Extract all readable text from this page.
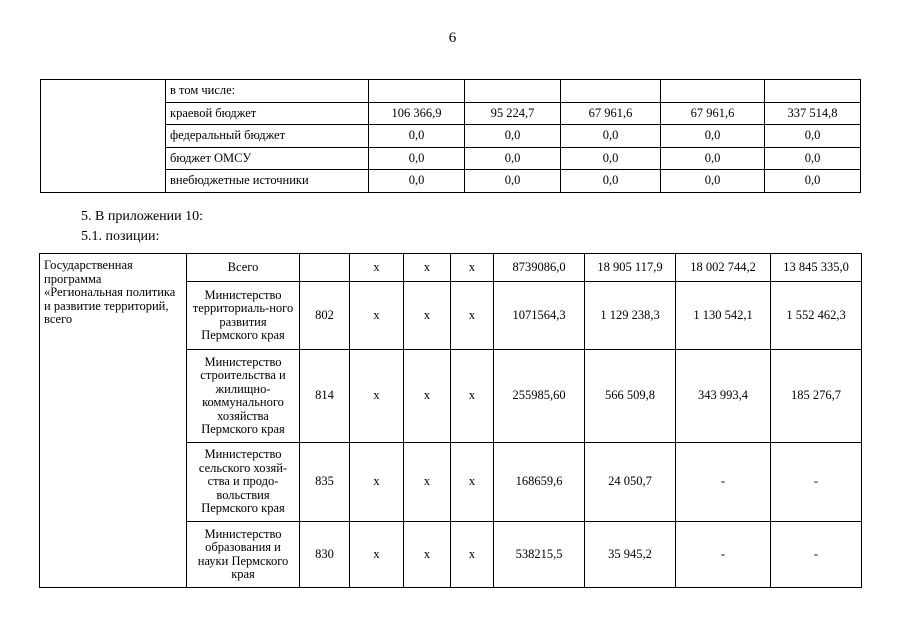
6
	в том числе:					
	краевой бюджет	106 366,9	95 224,7	67 961,6	67 961,6	337 514,8
	федеральный бюджет	0,0	0,0	0,0	0,0	0,0
	бюджет ОМСУ	0,0	0,0	0,0	0,0	0,0
	внебюджетные источники	0,0	0,0	0,0	0,0	0,0
5. В приложении 10:
5.1. позиции:
Государственная программа «Региональная политика и развитие территорий, всего	Всего		х	х	х	8739086,0	18 905 117,9	18 002 744,2	13 845 335,0
	Министерство территориаль-ного развития Пермского края	802	х	х	х	1071564,3	1 129 238,3	1 130 542,1	1 552 462,3
	Министерство строительства и жилищно-коммунального хозяйства Пермского края	814	х	х	х	255985,60	566 509,8	343 993,4	185 276,7
	Министерство сельского хозяй-ства и продо-вольствия Пермского края	835	х	х	х	168659,6	24 050,7	-	-
	Министерство образования и науки Пермского края	830	х	х	х	538215,5	35 945,2	-	-
